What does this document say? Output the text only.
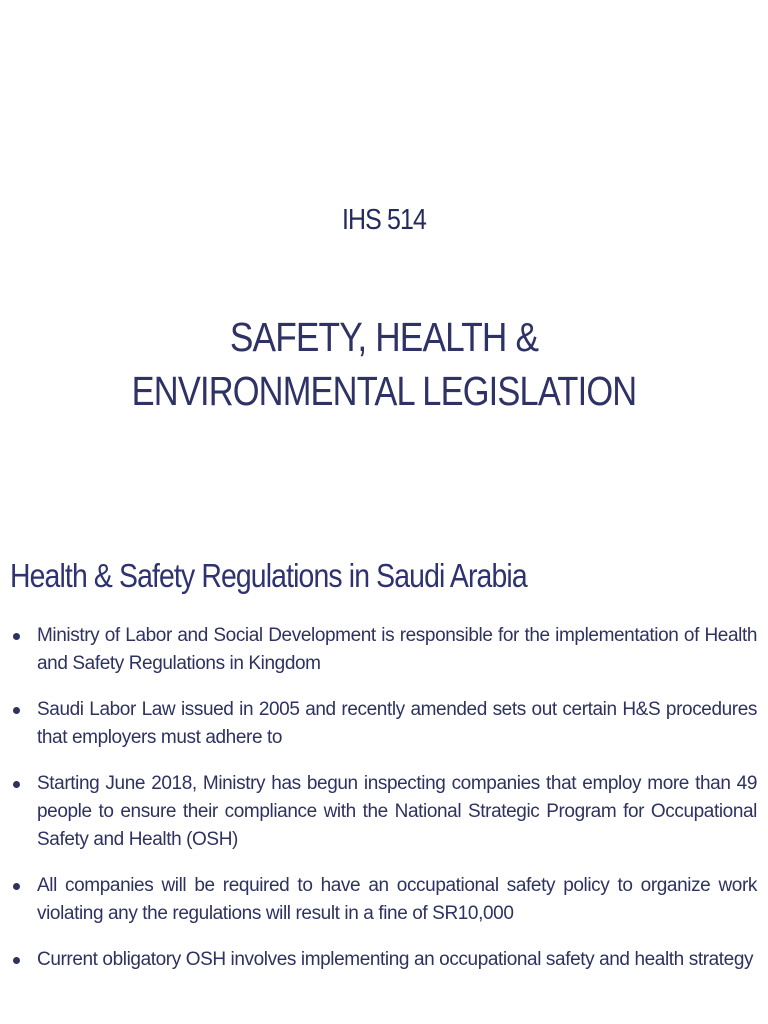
IHS 514
SAFETY, HEALTH &
ENVIRONMENTAL LEGISLATION
Health & Safety Regulations in Saudi Arabia
Ministry of Labor and Social Development is responsible for the implementation of Health and Safety Regulations in Kingdom
Saudi Labor Law issued in 2005 and recently amended sets out certain H&S procedures that employers must adhere to
Starting June 2018, Ministry has begun inspecting companies that employ more than 49 people to ensure their compliance with the National Strategic Program for Occupational Safety and Health (OSH)
All companies will be required to have an occupational safety policy to organize work violating any the regulations will result in a fine of SR10,000
Current obligatory OSH involves implementing an occupational safety and health strategy
